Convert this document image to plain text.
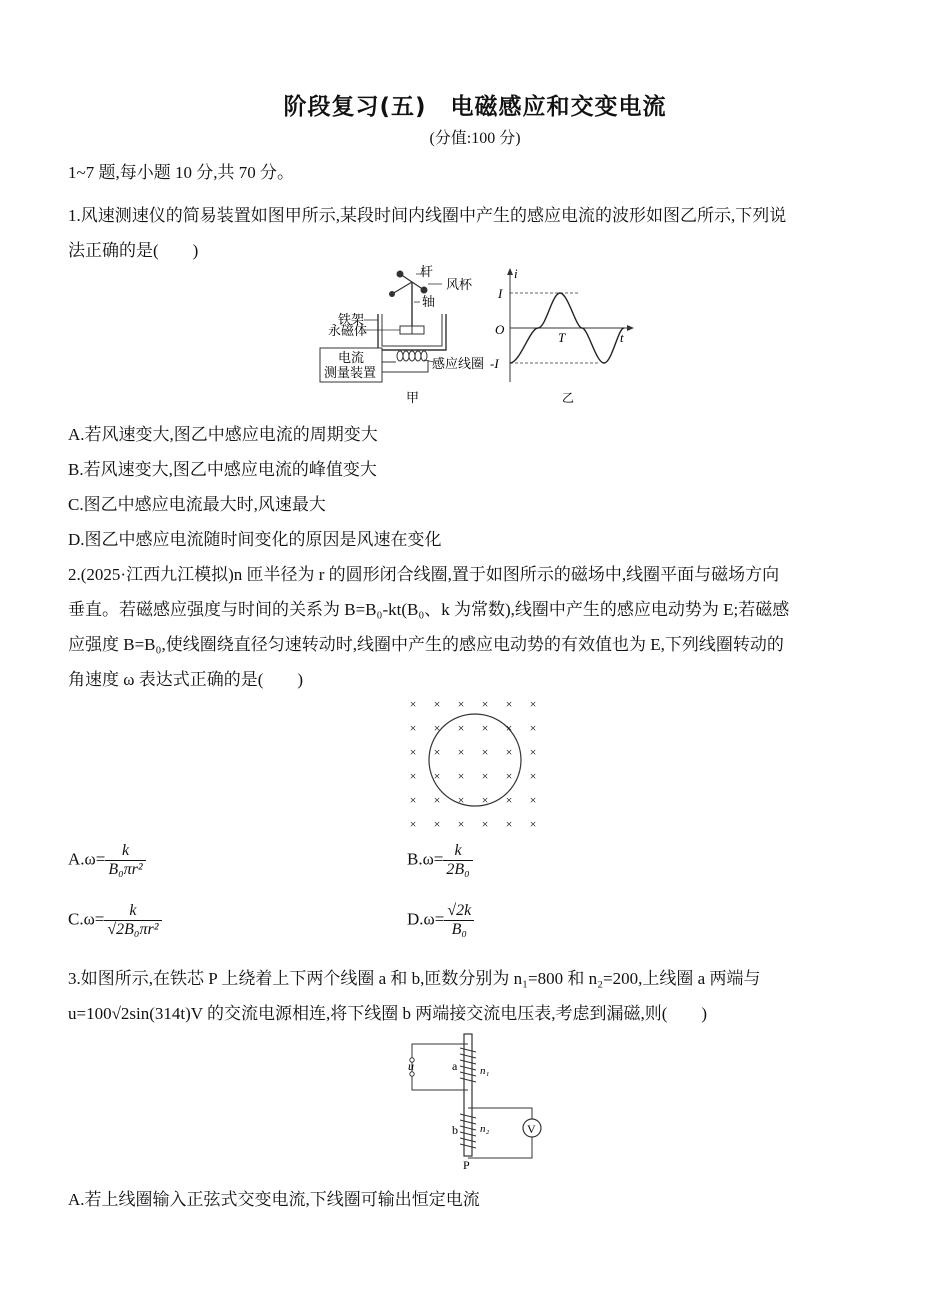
阶段复习(五)　电磁感应和交变电流
(分值:100 分)
1~7 题,每小题 10 分,共 70 分。
1.风速测速仪的简易装置如图甲所示,某段时间内线圈中产生的感应电流的波形如图乙所示,下列说
法正确的是(　　)
杆
风杯
轴
铁架
永磁体
电流
测量装置
感应线圈
甲
i
t
O
I
-I
T
乙
A.若风速变大,图乙中感应电流的周期变大
B.若风速变大,图乙中感应电流的峰值变大
C.图乙中感应电流最大时,风速最大
D.图乙中感应电流随时间变化的原因是风速在变化
2.(2025·江西九江模拟)n 匝半径为 r 的圆形闭合线圈,置于如图所示的磁场中,线圈平面与磁场方向
垂直。若磁感应强度与时间的关系为 B=B₀-kt(B₀、k 为常数),线圈中产生的感应电动势为 E;若磁感
应强度 B=B₀,使线圈绕直径匀速转动时,线圈中产生的感应电动势的有效值也为 E,下列线圈转动的
角速度 ω 表达式正确的是(　　)
× × × × × ×
× × × × × ×
× × × × × ×
× × × × × ×
× × × × × ×
× × × × × ×
$A.\omega= \frac{k}{\text{B₀πr²}}$	$B.\omega= \frac{k}{\text{2B₀}}$
$C.\omega= \frac{k}{\text{√2B₀πr²}}$	$D.\omega= \frac{√2k}{\text{B₀}}$
3.如图所示,在铁芯 P 上绕着上下两个线圈 a 和 b,匝数分别为 n₁=800 和 n₂=200,上线圈 a 两端与
u=100√2sin(314t)V 的交流电源相连,将下线圈 b 两端接交流电压表,考虑到漏磁,则(　　)
V
u	a
b
n₁
n₂
P
A.若上线圈输入正弦式交变电流,下线圈可输出恒定电流
